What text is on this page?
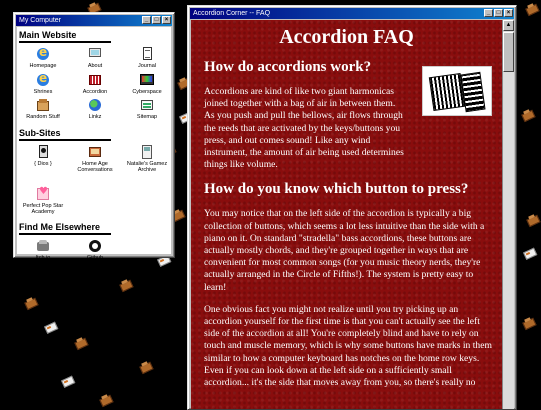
My Computer	_	□	×
Main Website
e
Homepage	About	Journal
e
Shrines	Accordion	Cyberspace
Random Stuff	Linkz	Sitemap
Sub-Sites
{ Dios }	Home Age Conversations
Natalie's Gamez Archive
♥
Perfect Pop Star Academy
Find Me Elsewhere
Itch.io	Github
Accordion Corner -- FAQ	_	□	×
Accordion FAQ
How do accordions work?

Accordions are kind of like two giant harmonicas joined together with a bag of air in between them. As you push and pull the bellows, air flows through the reeds that are activated by the keys/buttons you press, and out comes sound! Like any wind instrument, the amount of air being used determines things like volume.

How do you know which button to press?

You may notice that on the left side of the accordion is typically a big collection of buttons, which seems a lot less intuitive than the side with a piano on it. On standard "stradella" bass accordions, these buttons are actually mostly chords, and they're grouped together in ways that are convenient for most common songs (for you music theory nerds, they're actually arranged in the Circle of Fifths!). The system is pretty easy to learn!

One obvious fact you might not realize until you try picking up an accordion yourself for the first time is that you can't actually see the left side of the accordion at all! You're completely blind and have to rely on touch and muscle memory, which is why some buttons have marks in them similar to how a computer keyboard has notches on the home row keys. Even if you can look down at the left side on a sufficiently small accordion... it's the side that moves away from you, so there's really no

▲
